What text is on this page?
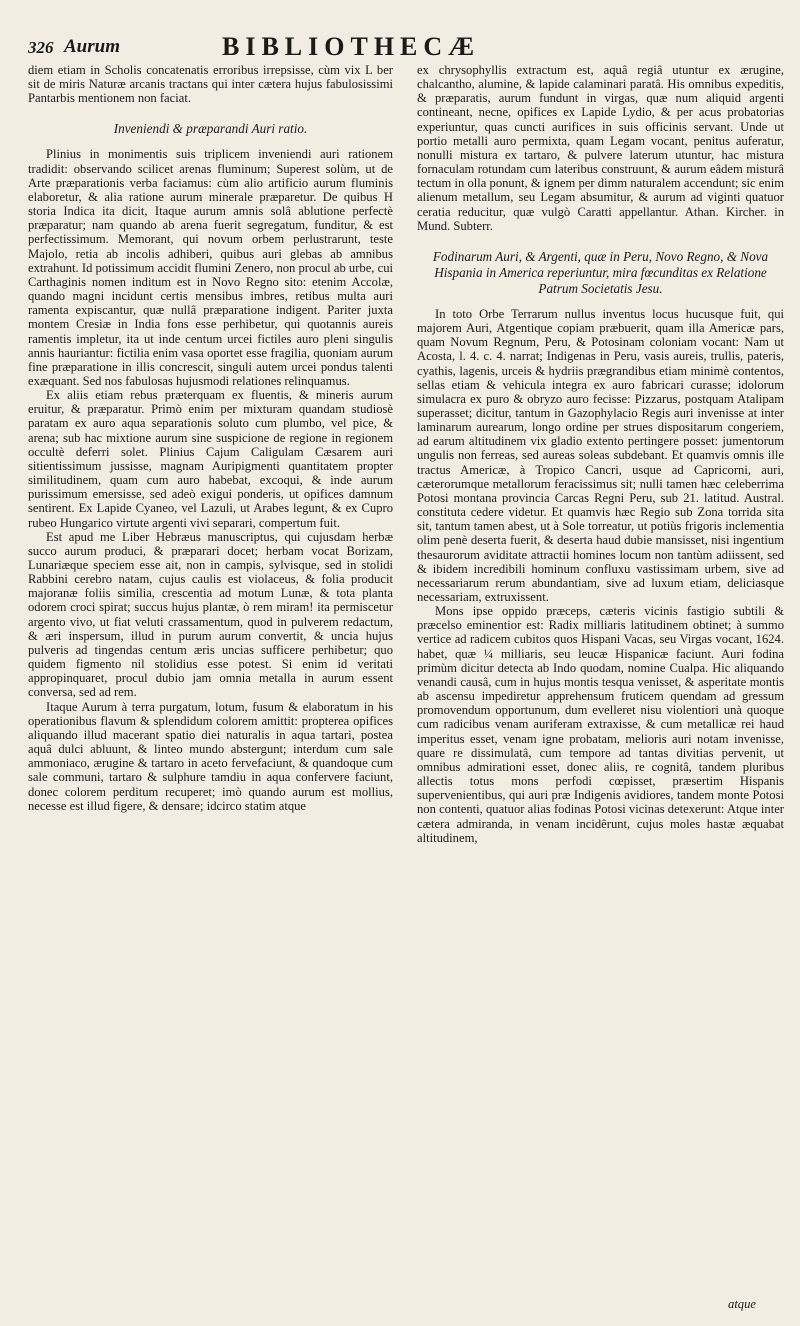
326 Aurum	BIBLIOTHECÆ

diem etiam in Scholis concatenatis erroribus irrepsisse, cùm vix L ber sit de miris Naturæ arcanis tractans qui inter cætera hujus fabulosissimi Pantarbis mentionem non faciat.

Inveniendi & præparandi Auri ratio.

Plinius in monimentis suis triplicem inveniendi auri rationem tradidit: observando scilicet arenas fluminum; Superest solùm, ut de Arte præparationis verba faciamus: cùm alio artificio aurum fluminis elaboretur, & alia ratione aurum minerale præparetur. De quibus H storia Indica ita dicit, Itaque aurum amnis solâ ablutione perfectè præparatur; nam quando ab arena fuerit segregatum, funditur, & est perfectissimum. Memorant, qui novum orbem perlustrarunt, teste Majolo, retia ab incolis adhiberi, quibus auri glebas ab amnibus extrahunt. Id potissimum accidit flumini Zenero, non procul ab urbe, cui Carthaginis nomen inditum est in Novo Regno sito: etenim Accolæ, quando magni incidunt certis mensibus imbres, retibus multa auri ramenta expiscantur, quæ nullâ præparatione indigent. Pariter juxta montem Cresiæ in India fons esse perhibetur, qui quotannis aureis ramentis impletur, ita ut inde centum urcei fictiles auro pleni singulis annis hauriantur: fictilia enim vasa oportet esse fragilia, quoniam aurum fine præparatione in illis concrescit, singuli autem urcei pondus talenti exæquant. Sed nos fabulosas hujusmodi relationes relinquamus.

Ex aliis etiam rebus præterquam ex fluentis, & mineris aurum eruitur, & præparatur. Primò enim per mixturam quandam studiosè paratam ex auro aqua separationis soluto cum plumbo, vel pice, & arena; sub hac mixtione aurum sine suspicione de regione in regionem occultè deferri solet. Plinius Cajum Caligulam Cæsarem auri sitientissimum jussisse, magnam Auripigmenti quantitatem propter similitudinem, quam cum auro habebat, excoqui, & inde aurum purissimum emersisse, sed adeò exigui ponderis, ut opifices damnum sentirent. Ex Lapide Cyaneo, vel Lazuli, ut Arabes legunt, & ex Cupro rubeo Hungarico virtute argenti vivi separari, compertum fuit.

Est apud me Liber Hebræus manuscriptus, qui cujusdam herbæ succo aurum produci, & præparari docet; herbam vocat Borizam, Lunariæque speciem esse ait, non in campis, sylvisque, sed in stolidi Rabbini cerebro natam, cujus caulis est violaceus, & folia producit majoranæ foliis similia, crescentia ad motum Lunæ, & tota planta odorem croci spirat; succus hujus plantæ, ò rem miram! ita permiscetur argento vivo, ut fiat veluti crassamentum, quod in pulverem redactum, & æri inspersum, illud in purum aurum convertit, & uncia hujus pulveris ad tingendas centum æris uncias sufficere perhibetur; quo quidem figmento nil stolidius esse potest. Si enim id veritati appropinquaret, procul dubio jam omnia metalla in aurum essent conversa, sed ad rem.

Itaque Aurum à terra purgatum, lotum, fusum & elaboratum in his operationibus flavum & splendidum colorem amittit: propterea opifices aliquando illud macerant spatio diei naturalis in aqua tartari, postea aquâ dulci abluunt, & linteo mundo abstergunt; interdum cum sale ammoniaco, ærugine & tartaro in aceto fervefaciunt, & quandoque cum sale communi, tartaro & sulphure tamdiu in aqua confervere faciunt, donec colorem perditum recuperet; imò quando aurum est mollius, necesse est illud figere, & densare; idcirco statim atque

ex chrysophyllis extractum est, aquâ regiâ utuntur ex ærugine, chalcantho, alumine, & lapide calaminari paratâ. His omnibus expeditis, & præparatis, aurum fundunt in virgas, quæ num aliquid argenti contineant, necne, opifices ex Lapide Lydio, & per acus probatorias experiuntur, quas cuncti aurifices in suis officinis servant. Unde ut portio metalli auro permixta, quam Legam vocant, penitus auferatur, nonulli mistura ex tartaro, & pulvere laterum utuntur, hac mistura fornaculam rotundam cum lateribus construunt, & aurum eâdem misturâ tectum in olla ponunt, & ignem per dimm naturalem accendunt; sic enim alienum metallum, seu Legam absumitur, & aurum ad viginti quatuor ceratia reducitur, quæ vulgò Caratti appellantur. Athan. Kircher. in Mund. Subterr.

Fodinarum Auri, & Argenti, quæ in Peru, Novo Regno, & Nova Hispania in America reperiuntur, mira fœcunditas ex Relatione Patrum Societatis Jesu.

In toto Orbe Terrarum nullus inventus locus hucusque fuit, qui majorem Auri, Atgentique copiam præbuerit, quam illa Americæ pars, quam Novum Regnum, Peru, & Potosinam coloniam vocant: Nam ut Acosta, l. 4. c. 4. narrat; Indigenas in Peru, vasis aureis, trullis, pateris, cyathis, lagenis, urceis & hydriis prægrandibus etiam minimè contentos, sellas etiam & vehicula integra ex auro fabricari curasse; idolorum simulacra ex puro & obryzo auro fecisse: Pizzarus, postquam Atalipam superasset; dicitur, tantum in Gazophylacio Regis auri invenisse at inter laminarum aurearum, longo ordine per strues dispositarum congeriem, ad earum altitudinem vix gladio extento pertingere posset: jumentorum ungulis non ferreas, sed aureas soleas subdebant. Et quamvis omnis ille tractus Americæ, à Tropico Cancri, usque ad Capricorni, auri, cæterorumque metallorum feracissimus sit; nulli tamen hæc celeberrima Potosi montana provincia Carcas Regni Peru, sub 21. latitud. Austral. constituta cedere videtur. Et quamvis hæc Regio sub Zona torrida sita sit, tantum tamen abest, ut à Sole torreatur, ut potiùs frigoris inclementia olim penè deserta fuerit, & deserta haud dubie mansisset, nisi ingentium thesaurorum aviditate attractii homines locum non tantùm adiissent, sed & ibidem incredibili hominum confluxu vastissimam urbem, sive ad necessariarum rerum abundantiam, sive ad luxum etiam, deliciasque necessariam, extruxissent.

Mons ipse oppido præceps, cæteris vicinis fastigio subtili & præcelso eminentior est: Radix milliaris latitudinem obtinet; à summo vertice ad radicem cubitos quos Hispani Vacas, seu Virgas vocant, 1624. habet, quæ ¼ milliaris, seu leucæ Hispanicæ faciunt. Auri fodina primùm dicitur detecta ab Indo quodam, nomine Cualpa. Hic aliquando venandi causâ, cum in hujus montis tesqua venisset, & asperitate montis ab ascensu impediretur apprehensum fruticem quendam ad gressum promovendum opportunum, dum evelleret nisu violentiori unà quoque cum radicibus venam auriferam extraxisse, & cum metallicæ rei haud imperitus esset, venam igne probatam, melioris auri notam invenisse, quare re dissimulatâ, cum tempore ad tantas divitias pervenit, ut omnibus admirationi esset, donec aliis, re cognitâ, tandem pluribus allectis totus mons perfodi cœpisset, præsertim Hispanis supervenientibus, qui auri præ Indigenis avidiores, tandem monte Potosi non contenti, quatuor alias fodinas Potosi vicinas detexerunt: Atque inter cætera admiranda, in venam incidêrunt, cujus moles hastæ æquabat altitudinem,

atque
